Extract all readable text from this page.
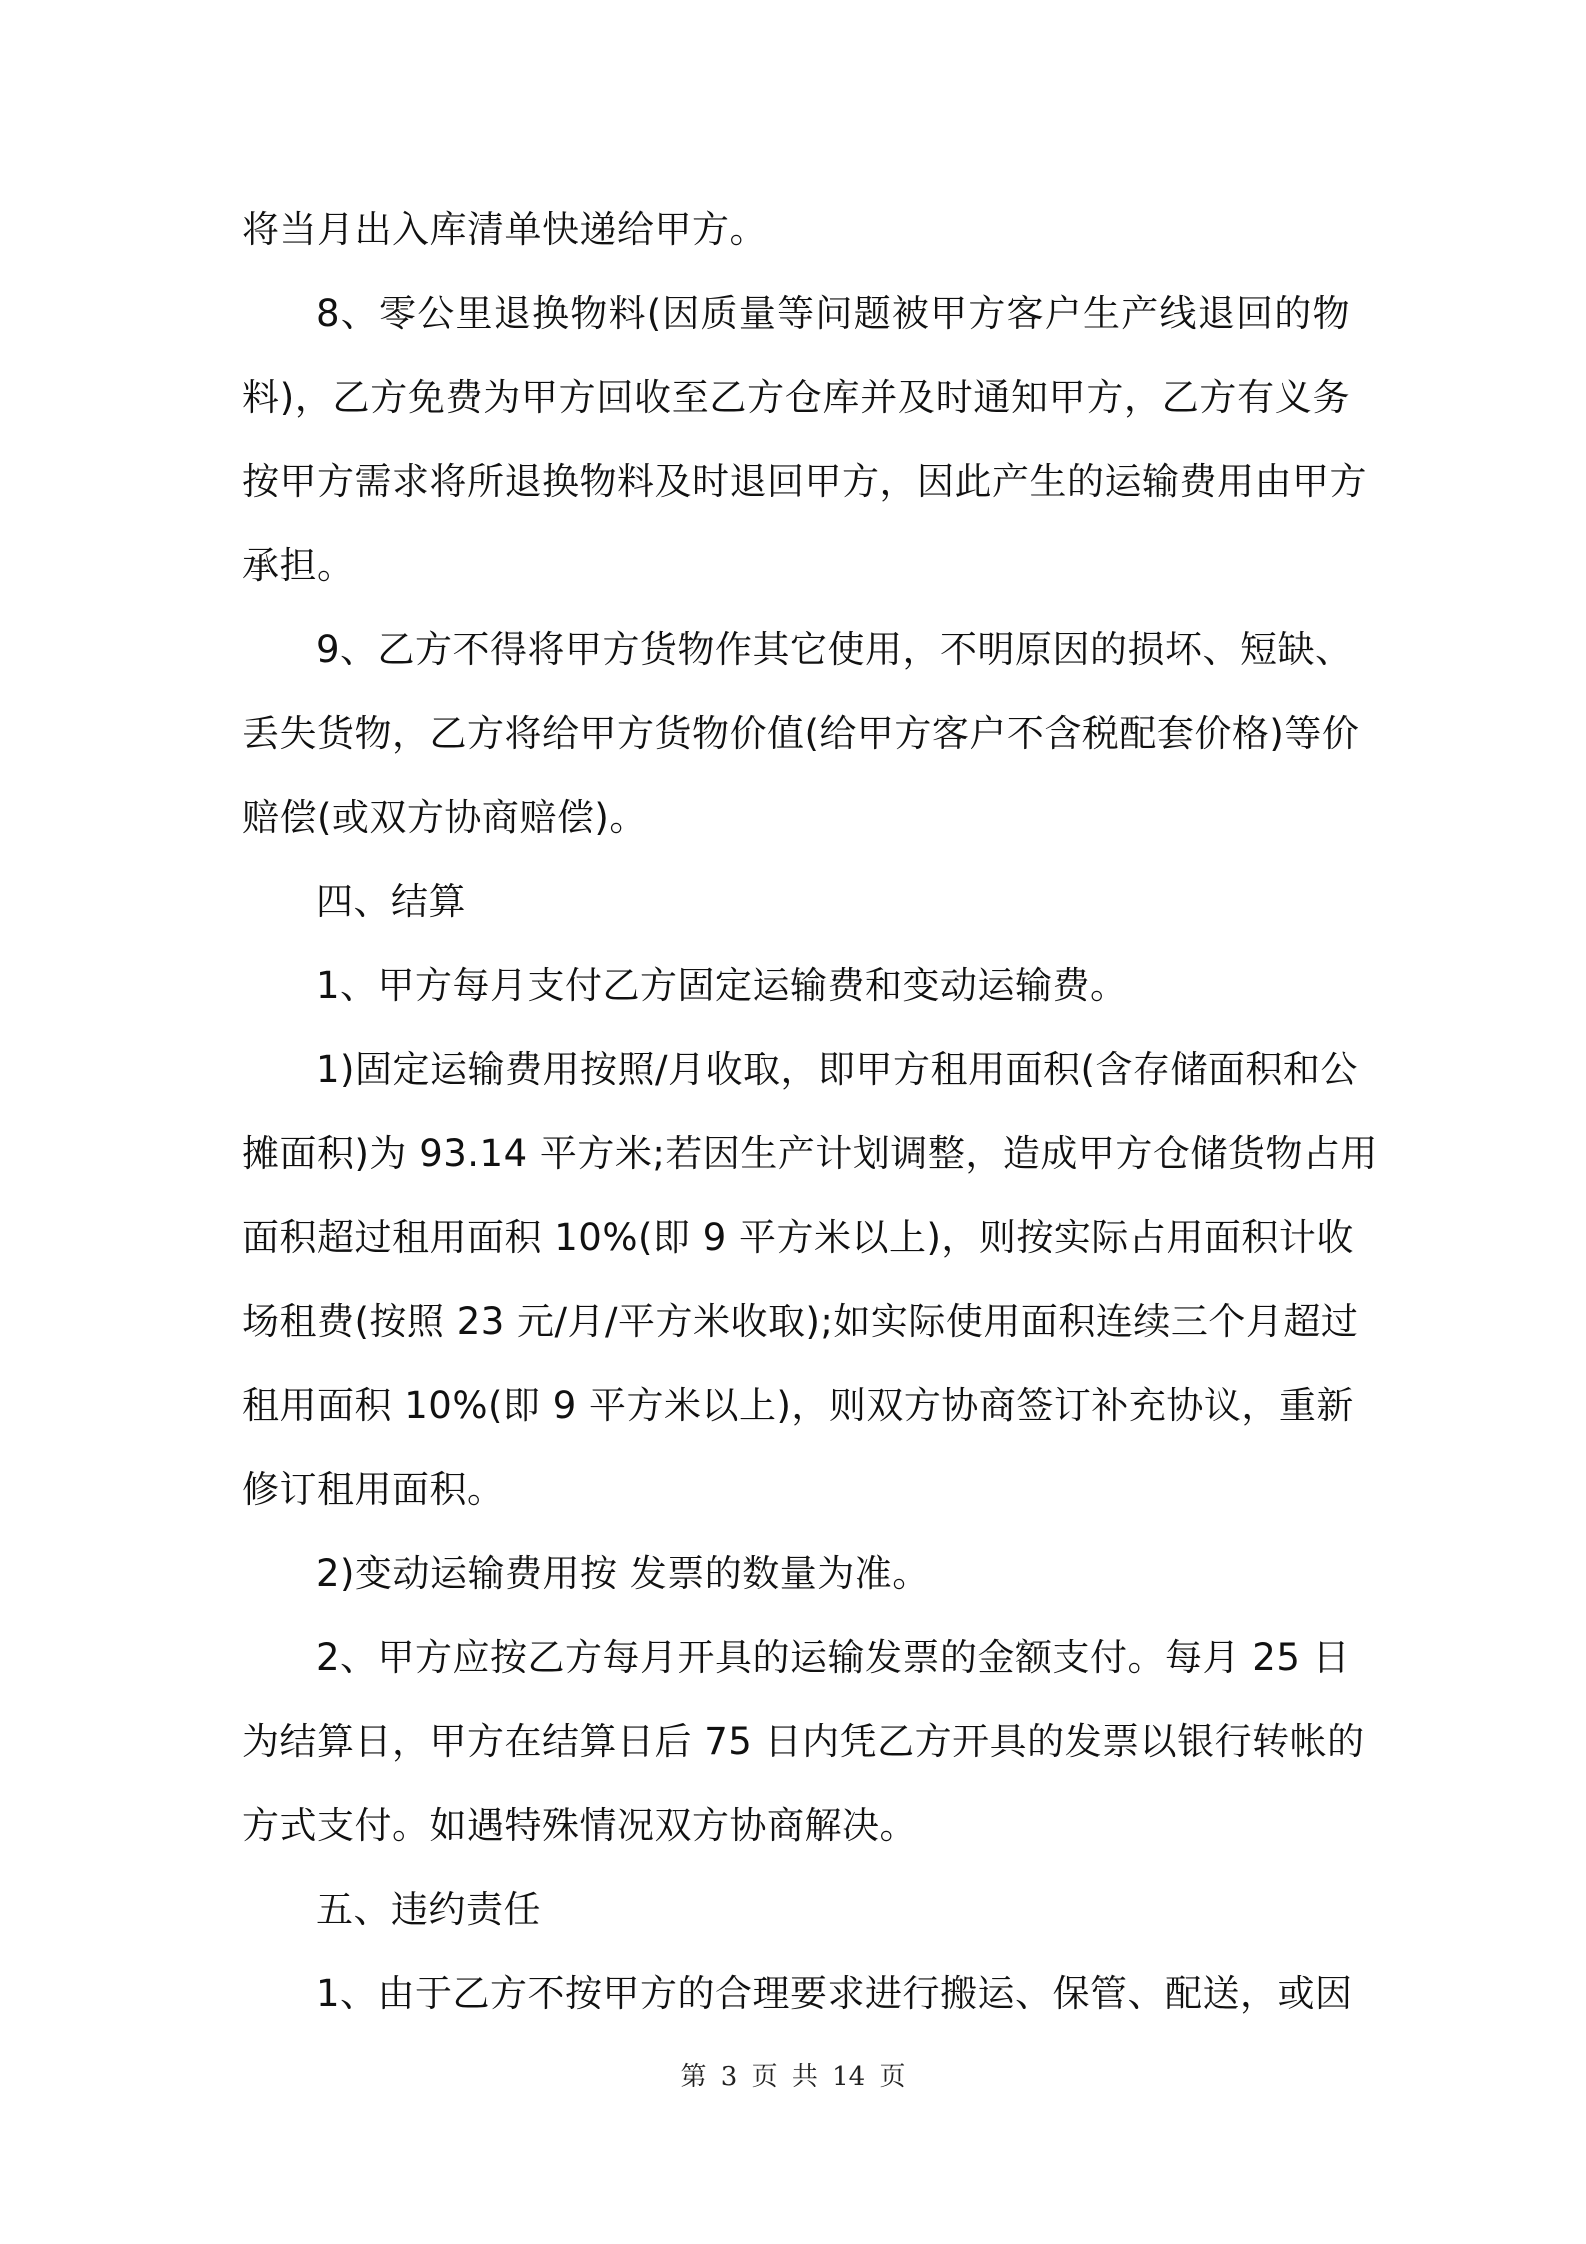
将当月出入库清单快递给甲方。

8、零公里退换物料(因质量等问题被甲方客户生产线退回的物

料)，乙方免费为甲方回收至乙方仓库并及时通知甲方，乙方有义务

按甲方需求将所退换物料及时退回甲方，因此产生的运输费用由甲方

承担。

9、乙方不得将甲方货物作其它使用，不明原因的损坏、短缺、

丢失货物，乙方将给甲方货物价值(给甲方客户不含税配套价格)等价

赔偿(或双方协商赔偿)。

四、结算

1、甲方每月支付乙方固定运输费和变动运输费。

1)固定运输费用按照/月收取，即甲方租用面积(含存储面积和公

摊面积)为 93.14 平方米;若因生产计划调整，造成甲方仓储货物占用

面积超过租用面积 10%(即 9 平方米以上)，则按实际占用面积计收

场租费(按照 23 元/月/平方米收取);如实际使用面积连续三个月超过

租用面积 10%(即 9 平方米以上)，则双方协商签订补充协议，重新

修订租用面积。

2)变动运输费用按 发票的数量为准。

2、甲方应按乙方每月开具的运输发票的金额支付。每月 25 日

为结算日，甲方在结算日后 75 日内凭乙方开具的发票以银行转帐的

方式支付。如遇特殊情况双方协商解决。

五、违约责任

1、由于乙方不按甲方的合理要求进行搬运、保管、配送，或因

第 3 页 共 14 页
